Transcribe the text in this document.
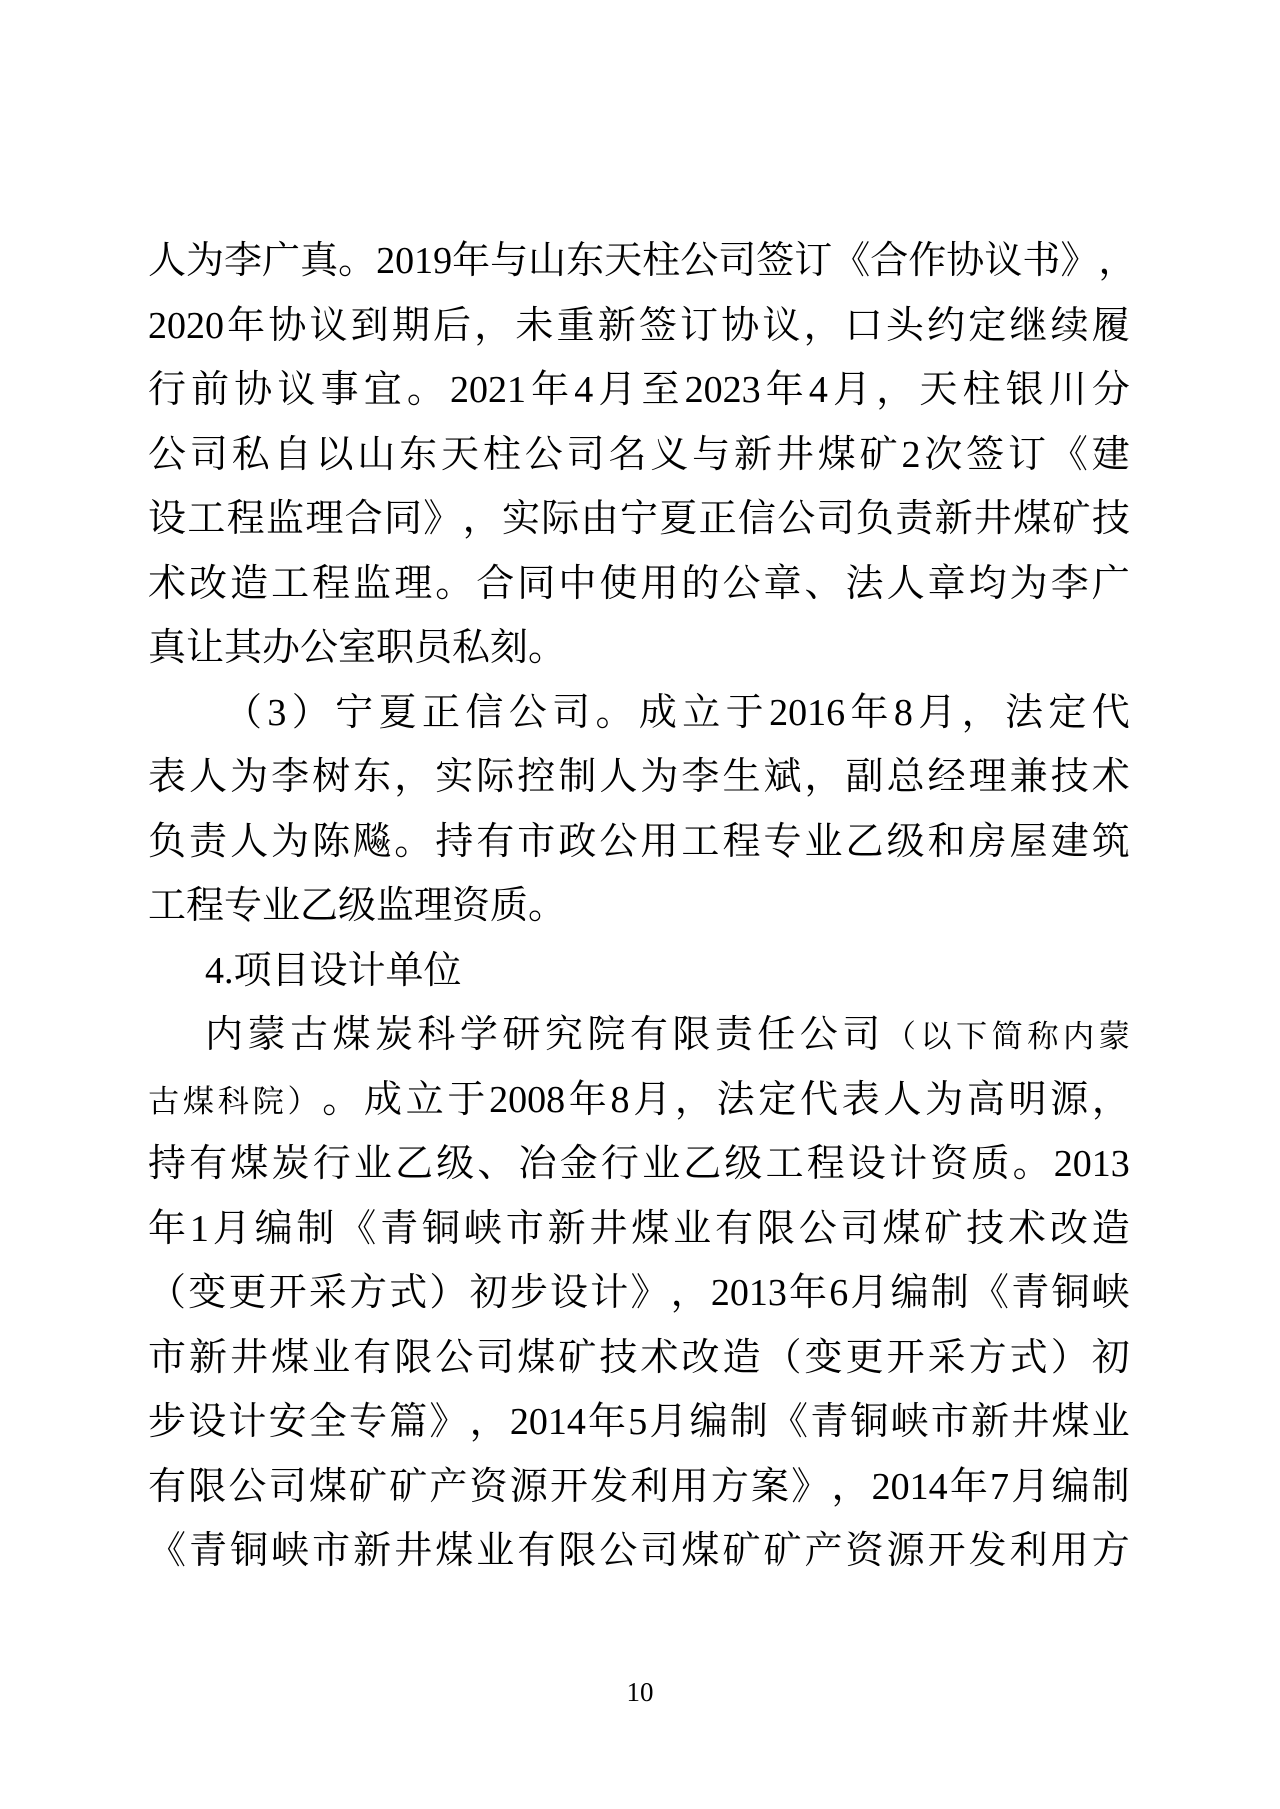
人 为 李 广 真 。 2019 年 与 山 东 天 柱 公 司 签 订 《 合 作 协 议 书 》 ，
2020 年 协 议 到 期 后 ， 未 重 新 签 订 协 议 ， 口 头 约 定 继 续 履
行 前 协 议 事 宜 。 2021 年 4 月 至 2023 年 4 月 ， 天 柱 银 川 分
公 司 私 自 以 山 东 天 柱 公 司 名 义 与 新 井 煤 矿 2 次 签 订 《 建
设 工 程 监 理 合 同 》 ， 实 际 由 宁 夏 正 信 公 司 负 责 新 井 煤 矿 技
术 改 造 工 程 监 理 。 合 同 中 使 用 的 公 章 、 法 人 章 均 为 李 广
真让其办公室职员私刻。
（ 3 ） 宁 夏 正 信 公 司 。 成 立 于 2016 年 8 月 ， 法 定 代
表 人 为 李 树 东 ， 实 际 控 制 人 为 李 生 斌 ， 副 总 经 理 兼 技 术
负 责 人 为 陈 飚 。 持 有 市 政 公 用 工 程 专 业 乙 级 和 房 屋 建 筑
工程专业乙级监理资质。
4.项目设计单位
内 蒙 古 煤 炭 科 学 研 究 院 有 限 责 任 公 司 （ 以 下 简 称 内 蒙
古 煤 科 院 ） 。 成 立 于 2008 年 8 月 ， 法 定 代 表 人 为 高 明 源 ，
持 有 煤 炭 行 业 乙 级 、 冶 金 行 业 乙 级 工 程 设 计 资 质 。 2013
年 1 月 编 制 《 青 铜 峡 市 新 井 煤 业 有 限 公 司 煤 矿 技 术 改 造
（ 变 更 开 采 方 式 ） 初 步 设 计 》 ， 2013 年 6 月 编 制 《 青 铜 峡
市 新 井 煤 业 有 限 公 司 煤 矿 技 术 改 造 （ 变 更 开 采 方 式 ） 初
步 设 计 安 全 专 篇 》 ， 2014 年 5 月 编 制 《 青 铜 峡 市 新 井 煤 业
有 限 公 司 煤 矿 矿 产 资 源 开 发 利 用 方 案 》 ， 2014 年 7 月 编 制
《 青 铜 峡 市 新 井 煤 业 有 限 公 司 煤 矿 矿 产 资 源 开 发 利 用 方
10
